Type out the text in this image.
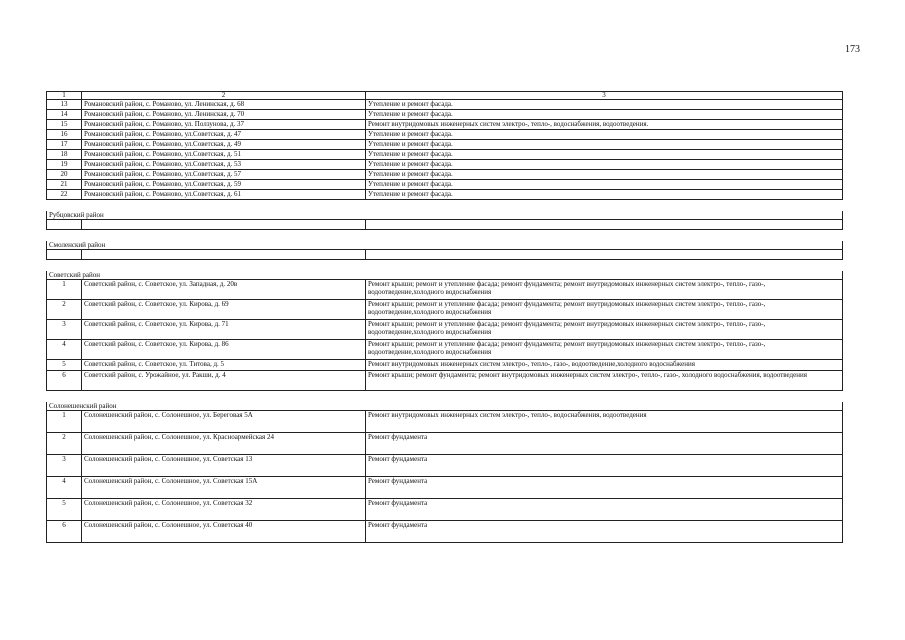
173
1	2	3
13	Романовский район, с. Романово, ул. Ленинская, д. 68	Утепление и ремонт фасада.
14	Романовский район, с. Романово, ул. Ленинская, д. 70	Утепление и ремонт фасада.
15	Романовский район, с. Романово, ул. Ползунова, д. 37	Ремонт внутридомовых инженерных систем электро-, тепло-, водоснабжения, водоотведения.
16	Романовский район, с. Романово, ул.Советская, д. 47	Утепление и ремонт фасада.
17	Романовский район, с. Романово, ул.Советская, д. 49	Утепление и ремонт фасада.
18	Романовский район, с. Романово, ул.Советская, д. 51	Утепление и ремонт фасада.
19	Романовский район, с. Романово, ул.Советская, д. 53	Утепление и ремонт фасада.
20	Романовский район, с. Романово, ул.Советская, д. 57	Утепление и ремонт фасада.
21	Романовский район, с. Романово, ул.Советская, д. 59	Утепление и ремонт фасада.
22	Романовский район, с. Романово, ул.Советская, д. 61	Утепление и ремонт фасада.

Рубцовский район		

Смоленский район		

Советский район		
1	Советский район, с. Советское, ул. Западная, д. 20в	Ремонт крыши; ремонт и утепление фасада; ремонт фундамента; ремонт внутридомовых инженерных систем электро-, тепло-, газо-, водоотведение,холодного водоснабжения
2	Советский район, с. Советское, ул. Кирова, д. 69	Ремонт крыши; ремонт и утепление фасада; ремонт фундамента; ремонт внутридомовых инженерных систем электро-, тепло-, газо-, водоотведение,холодного водоснабжения
3	Советский район, с. Советское, ул. Кирова, д. 71	Ремонт крыши; ремонт и утепление фасада; ремонт фундамента; ремонт внутридомовых инженерных систем электро-, тепло-, газо-, водоотведение,холодного водоснабжения
4	Советский район, с. Советское, ул. Кирова, д. 86	Ремонт крыши; ремонт и утепление фасада; ремонт фундамента; ремонт внутридомовых инженерных систем электро-, тепло-, газо-, водоотведение,холодного водоснабжения
5	Советский район, с. Советское, ул. Титова, д. 5	Ремонт внутридомовых инженерных систем электро-, тепло-, газо-, водоотведение,холодного водоснабжения
6	Советский район, с. Урожайное, ул. Ракши, д. 4	Ремонт крыши; ремонт фундамента; ремонт внутридомовых инженерных систем электро-, тепло-, газо-, холодного водоснабжения, водоотведения

Солонешенский район		
1	Солонешенский район, с. Солонешное, ул. Береговая 5А	Ремонт внутридомовых инженерных систем электро-, тепло-, водоснабжения, водоотведения
2	Солонешенский район, с. Солонешное, ул. Красноармейская 24	Ремонт фундамента
3	Солонешенский район, с. Солонешное, ул. Советская 13	Ремонт фундамента
4	Солонешенский район, с. Солонешное, ул. Советская 15А	Ремонт фундамента
5	Солонешенский район, с. Солонешное, ул. Советская 32	Ремонт фундамента
6	Солонешенский район, с. Солонешное, ул. Советская 40	Ремонт фундамента
